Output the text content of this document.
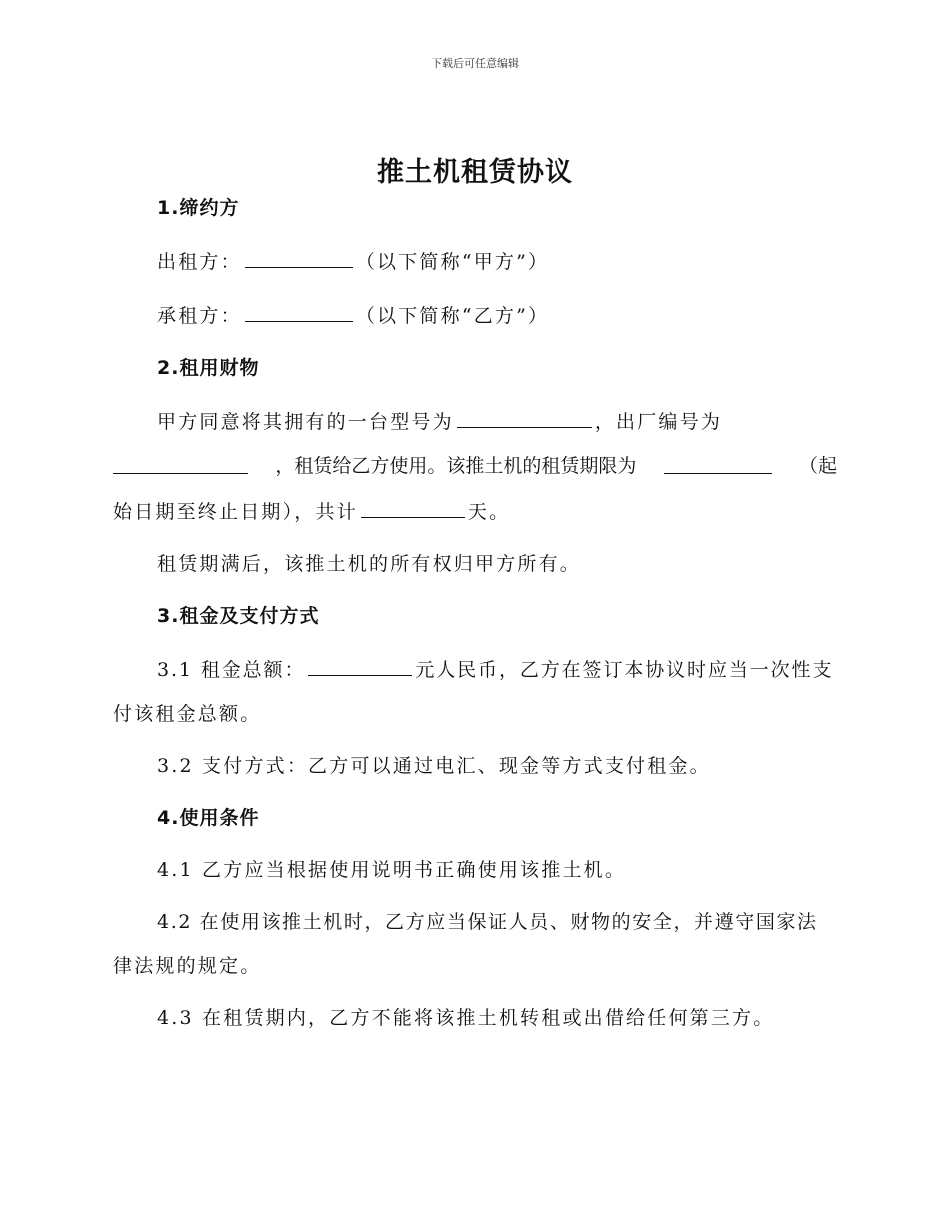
下载后可任意编辑
推土机租赁协议
1.缔约方
出租方：	（以下简称“甲方”）
承租方：	（以下简称“乙方”）
2.租用财物
甲方同意将其拥有的一台型号为	，出厂编号为
，租赁给乙方使用。该推土机的租赁期限为	（起
始日期至终止日期），共计	天。
租赁期满后，该推土机的所有权归甲方所有。
3.租金及支付方式
3.1 租金总额：	元人民币，乙方在签订本协议时应当一次性支
付该租金总额。
3.2 支付方式：乙方可以通过电汇、现金等方式支付租金。
4.使用条件
4.1 乙方应当根据使用说明书正确使用该推土机。
4.2 在使用该推土机时，乙方应当保证人员、财物的安全，并遵守国家法
律法规的规定。
4.3 在租赁期内，乙方不能将该推土机转租或出借给任何第三方。
